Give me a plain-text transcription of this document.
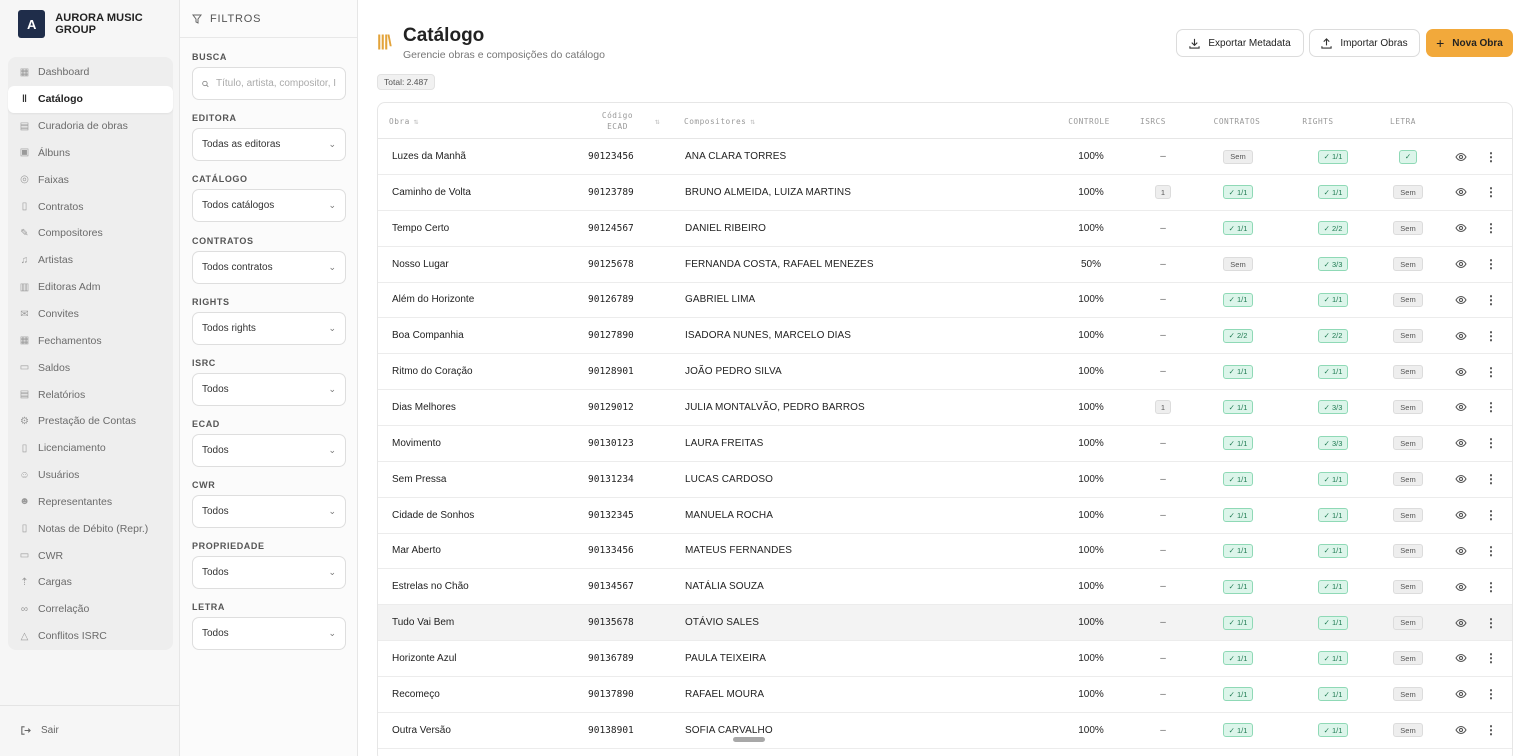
A	AURORA MUSIC GROUP
▦ Dashboard
‖ Catálogo
▤ Curadoria de obras
▣ Álbuns
◎ Faixas
▯ Contratos
✎ Compositores
♫ Artistas
▥ Editoras Adm
✉ Convites
▦ Fechamentos
▭ Saldos
▤ Relatórios
⚙ Prestação de Contas
▯ Licenciamento
☺ Usuários
☻ Representantes
▯ Notas de Débito (Repr.)
▭ CWR
⇡ Cargas
∞ Correlação
△ Conflitos ISRC
Sair
FILTROS
BUSCA
Título, artista, compositor, I
EDITORA
Todas as editoras	⌄
CATÁLOGO
Todos catálogos	⌄
CONTRATOS
Todos contratos	⌄
RIGHTS
Todos rights	⌄
ISRC
Todos	⌄
ECAD
Todos	⌄
CWR
Todos	⌄
PROPRIEDADE
Todos	⌄
LETRA
Todos	⌄
|||\ Catálogo
Gerencie obras e composições do catálogo
Total: 2.487
Exportar Metadata	Importar Obras + Nova Obra
Obra ⇅
Código
ECAD
⇅	Compositores ⇅	CONTROLE	ISRCS	CONTRATOS	RIGHTS	LETRA
Luzes da Manhã	90123456	ANA CLARA TORRES	100%	–	Sem	✓ 1/1	✓	⋮
Caminho de Volta	90123789	BRUNO ALMEIDA, LUIZA MARTINS	100%	1	✓ 1/1	✓ 1/1	Sem	⋮
Tempo Certo	90124567	DANIEL RIBEIRO	100%	–	✓ 1/1	✓ 2/2	Sem	⋮
Nosso Lugar	90125678	FERNANDA COSTA, RAFAEL MENEZES	50%	–	Sem	✓ 3/3	Sem	⋮
Além do Horizonte	90126789	GABRIEL LIMA	100%	–	✓ 1/1	✓ 1/1	Sem	⋮
Boa Companhia	90127890	ISADORA NUNES, MARCELO DIAS	100%	–	✓ 2/2	✓ 2/2	Sem	⋮
Ritmo do Coração	90128901	JOÃO PEDRO SILVA	100%	–	✓ 1/1	✓ 1/1	Sem	⋮
Dias Melhores	90129012	JULIA MONTALVÃO, PEDRO BARROS	100%	1	✓ 1/1	✓ 3/3	Sem	⋮
Movimento	90130123	LAURA FREITAS	100%	–	✓ 1/1	✓ 3/3	Sem	⋮
Sem Pressa	90131234	LUCAS CARDOSO	100%	–	✓ 1/1	✓ 1/1	Sem	⋮
Cidade de Sonhos	90132345	MANUELA ROCHA	100%	–	✓ 1/1	✓ 1/1	Sem	⋮
Mar Aberto	90133456	MATEUS FERNANDES	100%	–	✓ 1/1	✓ 1/1	Sem	⋮
Estrelas no Chão	90134567	NATÁLIA SOUZA	100%	–	✓ 1/1	✓ 1/1	Sem	⋮
Tudo Vai Bem	90135678	OTÁVIO SALES	100%	–	✓ 1/1	✓ 1/1	Sem	⋮
Horizonte Azul	90136789	PAULA TEIXEIRA	100%	–	✓ 1/1	✓ 1/1	Sem	⋮
Recomeço	90137890	RAFAEL MOURA	100%	–	✓ 1/1	✓ 1/1	Sem	⋮
Outra Versão	90138901	SOFIA CARVALHO	100%	–	✓ 1/1	✓ 1/1	Sem	⋮
